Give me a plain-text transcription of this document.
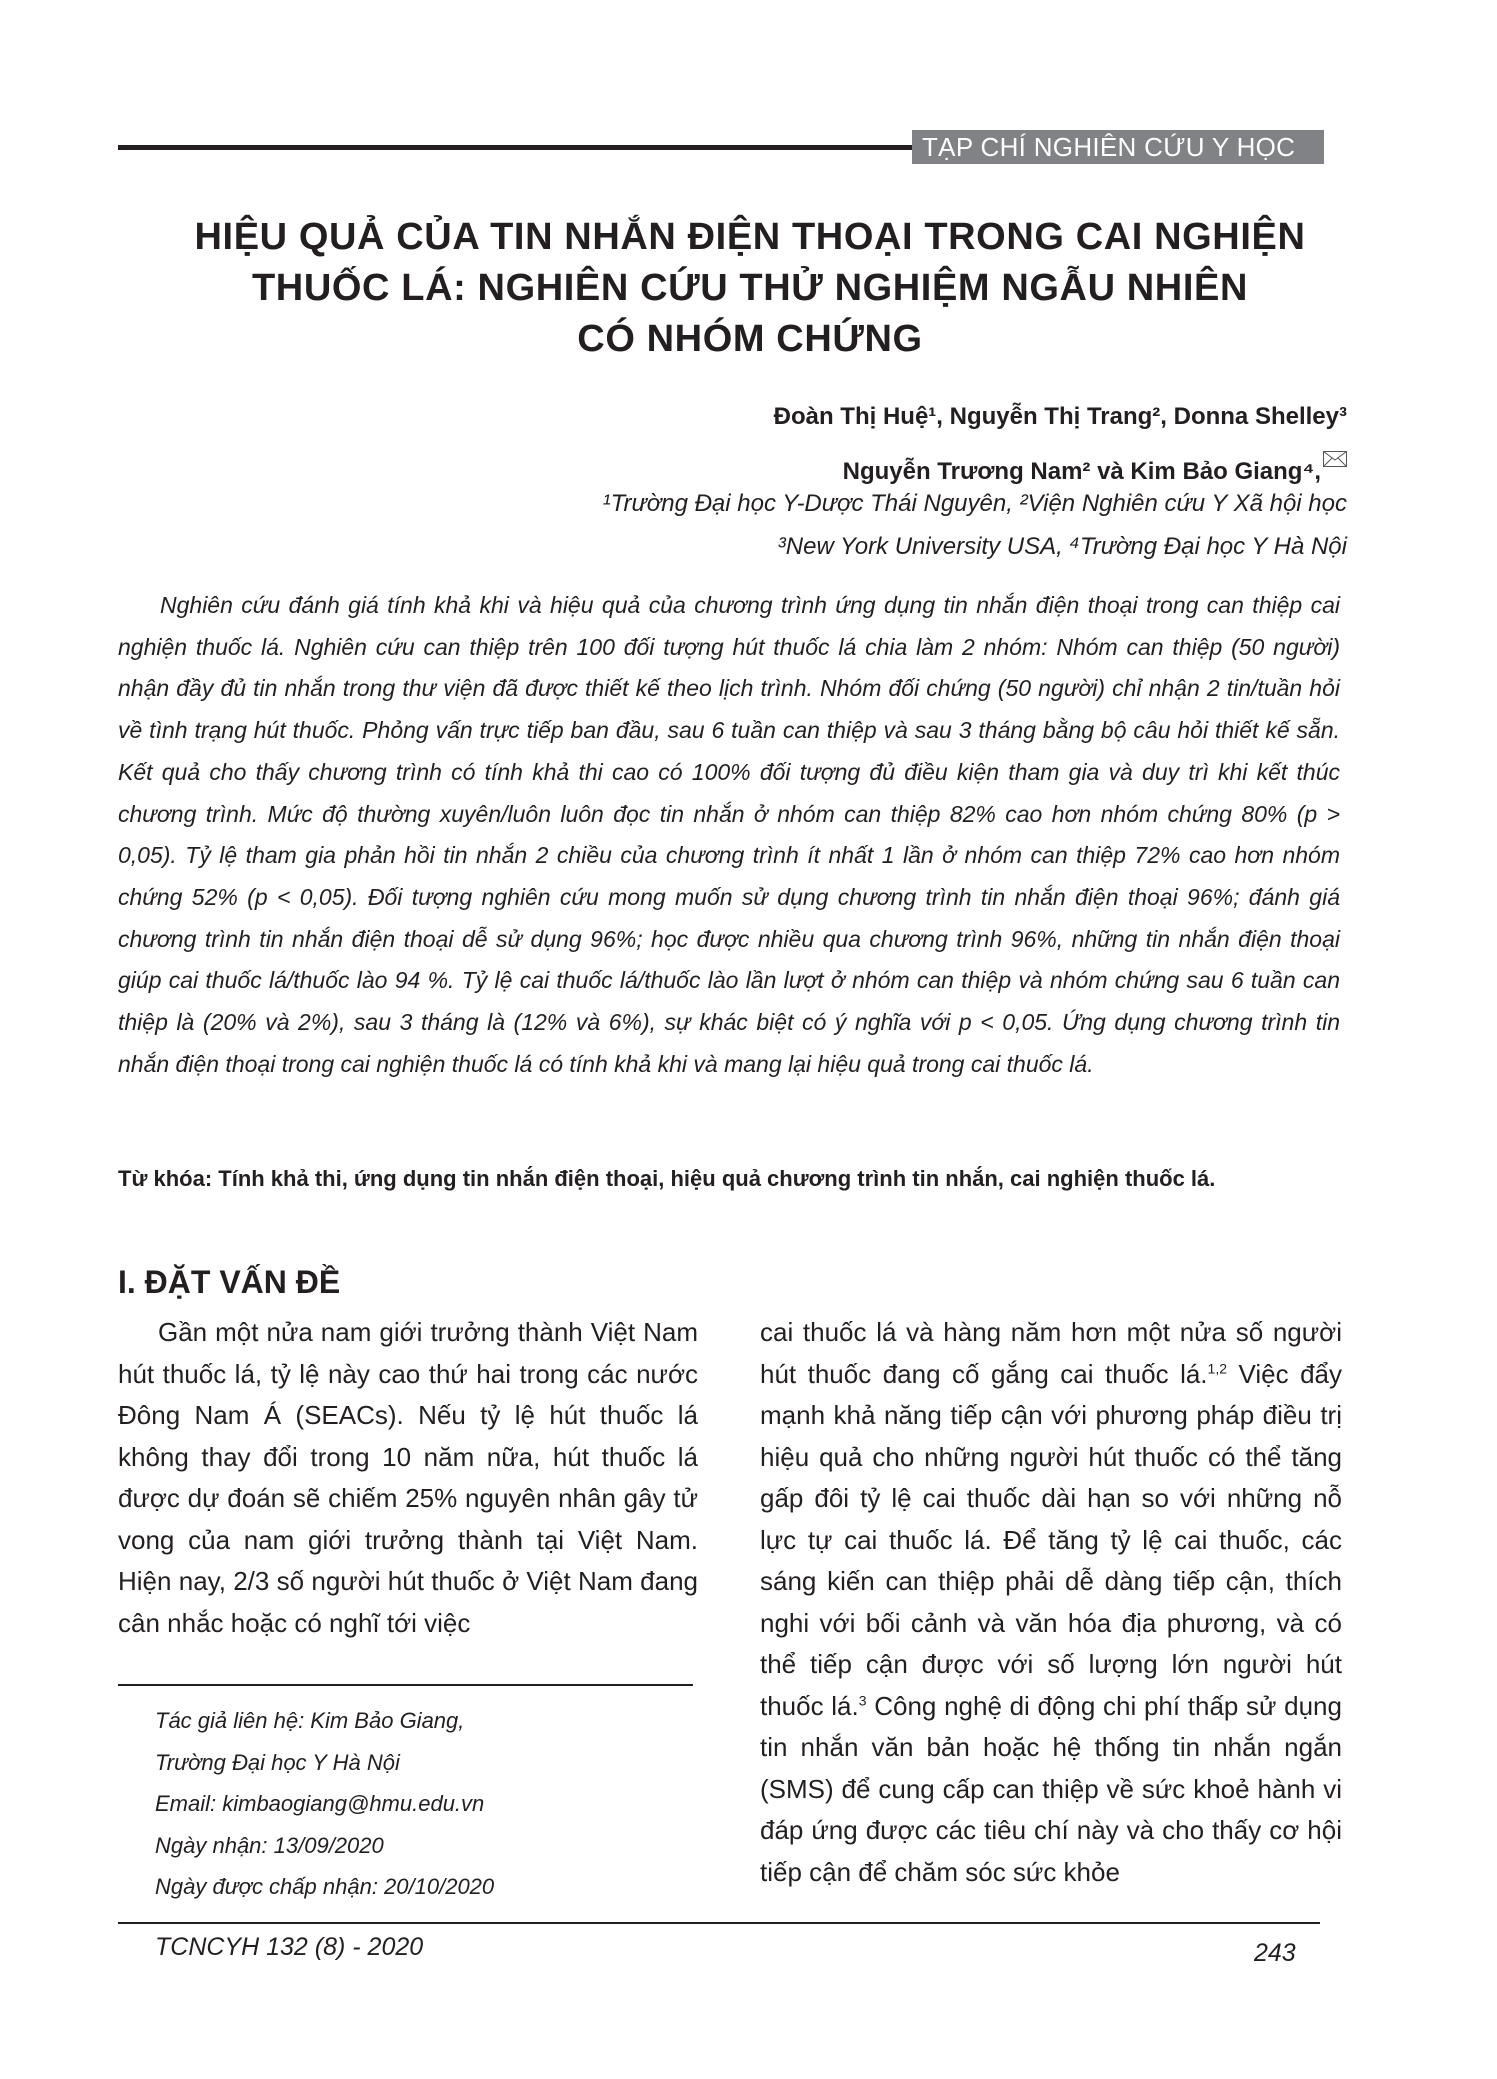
TẠP CHÍ NGHIÊN CỨU Y HỌC
HIỆU QUẢ CỦA TIN NHẮN ĐIỆN THOẠI TRONG CAI NGHIỆN
THUỐC LÁ: NGHIÊN CỨU THỬ NGHIỆM NGẪU NHIÊN
CÓ NHÓM CHỨNG
Đoàn Thị Huệ¹, Nguyễn Thị Trang², Donna Shelley³
Nguyễn Trương Nam² và Kim Bảo Giang⁴,
¹Trường Đại học Y-Dược Thái Nguyên, ²Viện Nghiên cứu Y Xã hội học
³New York University USA, ⁴Trường Đại học Y Hà Nội
Nghiên cứu đánh giá tính khả khi và hiệu quả của chương trình ứng dụng tin nhắn điện thoại trong can thiệp cai nghiện thuốc lá. Nghiên cứu can thiệp trên 100 đối tượng hút thuốc lá chia làm 2 nhóm: Nhóm can thiệp (50 người) nhận đầy đủ tin nhắn trong thư viện đã được thiết kế theo lịch trình. Nhóm đối chứng (50 người) chỉ nhận 2 tin/tuần hỏi về tình trạng hút thuốc. Phỏng vấn trực tiếp ban đầu, sau 6 tuần can thiệp và sau 3 tháng bằng bộ câu hỏi thiết kế sẵn. Kết quả cho thấy chương trình có tính khả thi cao có 100% đối tượng đủ điều kiện tham gia và duy trì khi kết thúc chương trình. Mức độ thường xuyên/luôn luôn đọc tin nhắn ở nhóm can thiệp 82% cao hơn nhóm chứng 80% (p > 0,05). Tỷ lệ tham gia phản hồi tin nhắn 2 chiều của chương trình ít nhất 1 lần ở nhóm can thiệp 72% cao hơn nhóm chứng 52% (p < 0,05). Đối tượng nghiên cứu mong muốn sử dụng chương trình tin nhắn điện thoại 96%; đánh giá chương trình tin nhắn điện thoại dễ sử dụng 96%; học được nhiều qua chương trình 96%, những tin nhắn điện thoại giúp cai thuốc lá/thuốc lào 94 %. Tỷ lệ cai thuốc lá/thuốc lào lần lượt ở nhóm can thiệp và nhóm chứng sau 6 tuần can thiệp là (20% và 2%), sau 3 tháng là (12% và 6%), sự khác biệt có ý nghĩa với p < 0,05. Ứng dụng chương trình tin nhắn điện thoại trong cai nghiện thuốc lá có tính khả khi và mang lại hiệu quả trong cai thuốc lá.
Từ khóa: Tính khả thi, ứng dụng tin nhắn điện thoại, hiệu quả chương trình tin nhắn, cai nghiện thuốc lá.
I. ĐẶT VẤN ĐỀ
Gần một nửa nam giới trưởng thành Việt Nam hút thuốc lá, tỷ lệ này cao thứ hai trong các nước Đông Nam Á (SEACs). Nếu tỷ lệ hút thuốc lá không thay đổi trong 10 năm nữa, hút thuốc lá được dự đoán sẽ chiếm 25% nguyên nhân gây tử vong của nam giới trưởng thành tại Việt Nam. Hiện nay, 2/3 số người hút thuốc ở Việt Nam đang cân nhắc hoặc có nghĩ tới việc
cai thuốc lá và hàng năm hơn một nửa số người hút thuốc đang cố gắng cai thuốc lá.$^{1,2}$ Việc đẩy mạnh khả năng tiếp cận với phương pháp điều trị hiệu quả cho những người hút thuốc có thể tăng gấp đôi tỷ lệ cai thuốc dài hạn so với những nỗ lực tự cai thuốc lá. Để tăng tỷ lệ cai thuốc, các sáng kiến can thiệp phải dễ dàng tiếp cận, thích nghi với bối cảnh và văn hóa địa phương, và có thể tiếp cận được với số lượng lớn người hút thuốc lá.$^3$ Công nghệ di động chi phí thấp sử dụng tin nhắn văn bản hoặc hệ thống tin nhắn ngắn (SMS) để cung cấp can thiệp về sức khoẻ hành vi đáp ứng được các tiêu chí này và cho thấy cơ hội tiếp cận để chăm sóc sức khỏe
Tác giả liên hệ: Kim Bảo Giang,
Trường Đại học Y Hà Nội
Email: kimbaogiang@hmu.edu.vn
Ngày nhận: 13/09/2020
Ngày được chấp nhận: 20/10/2020
TCNCYH 132 (8) - 2020	243
